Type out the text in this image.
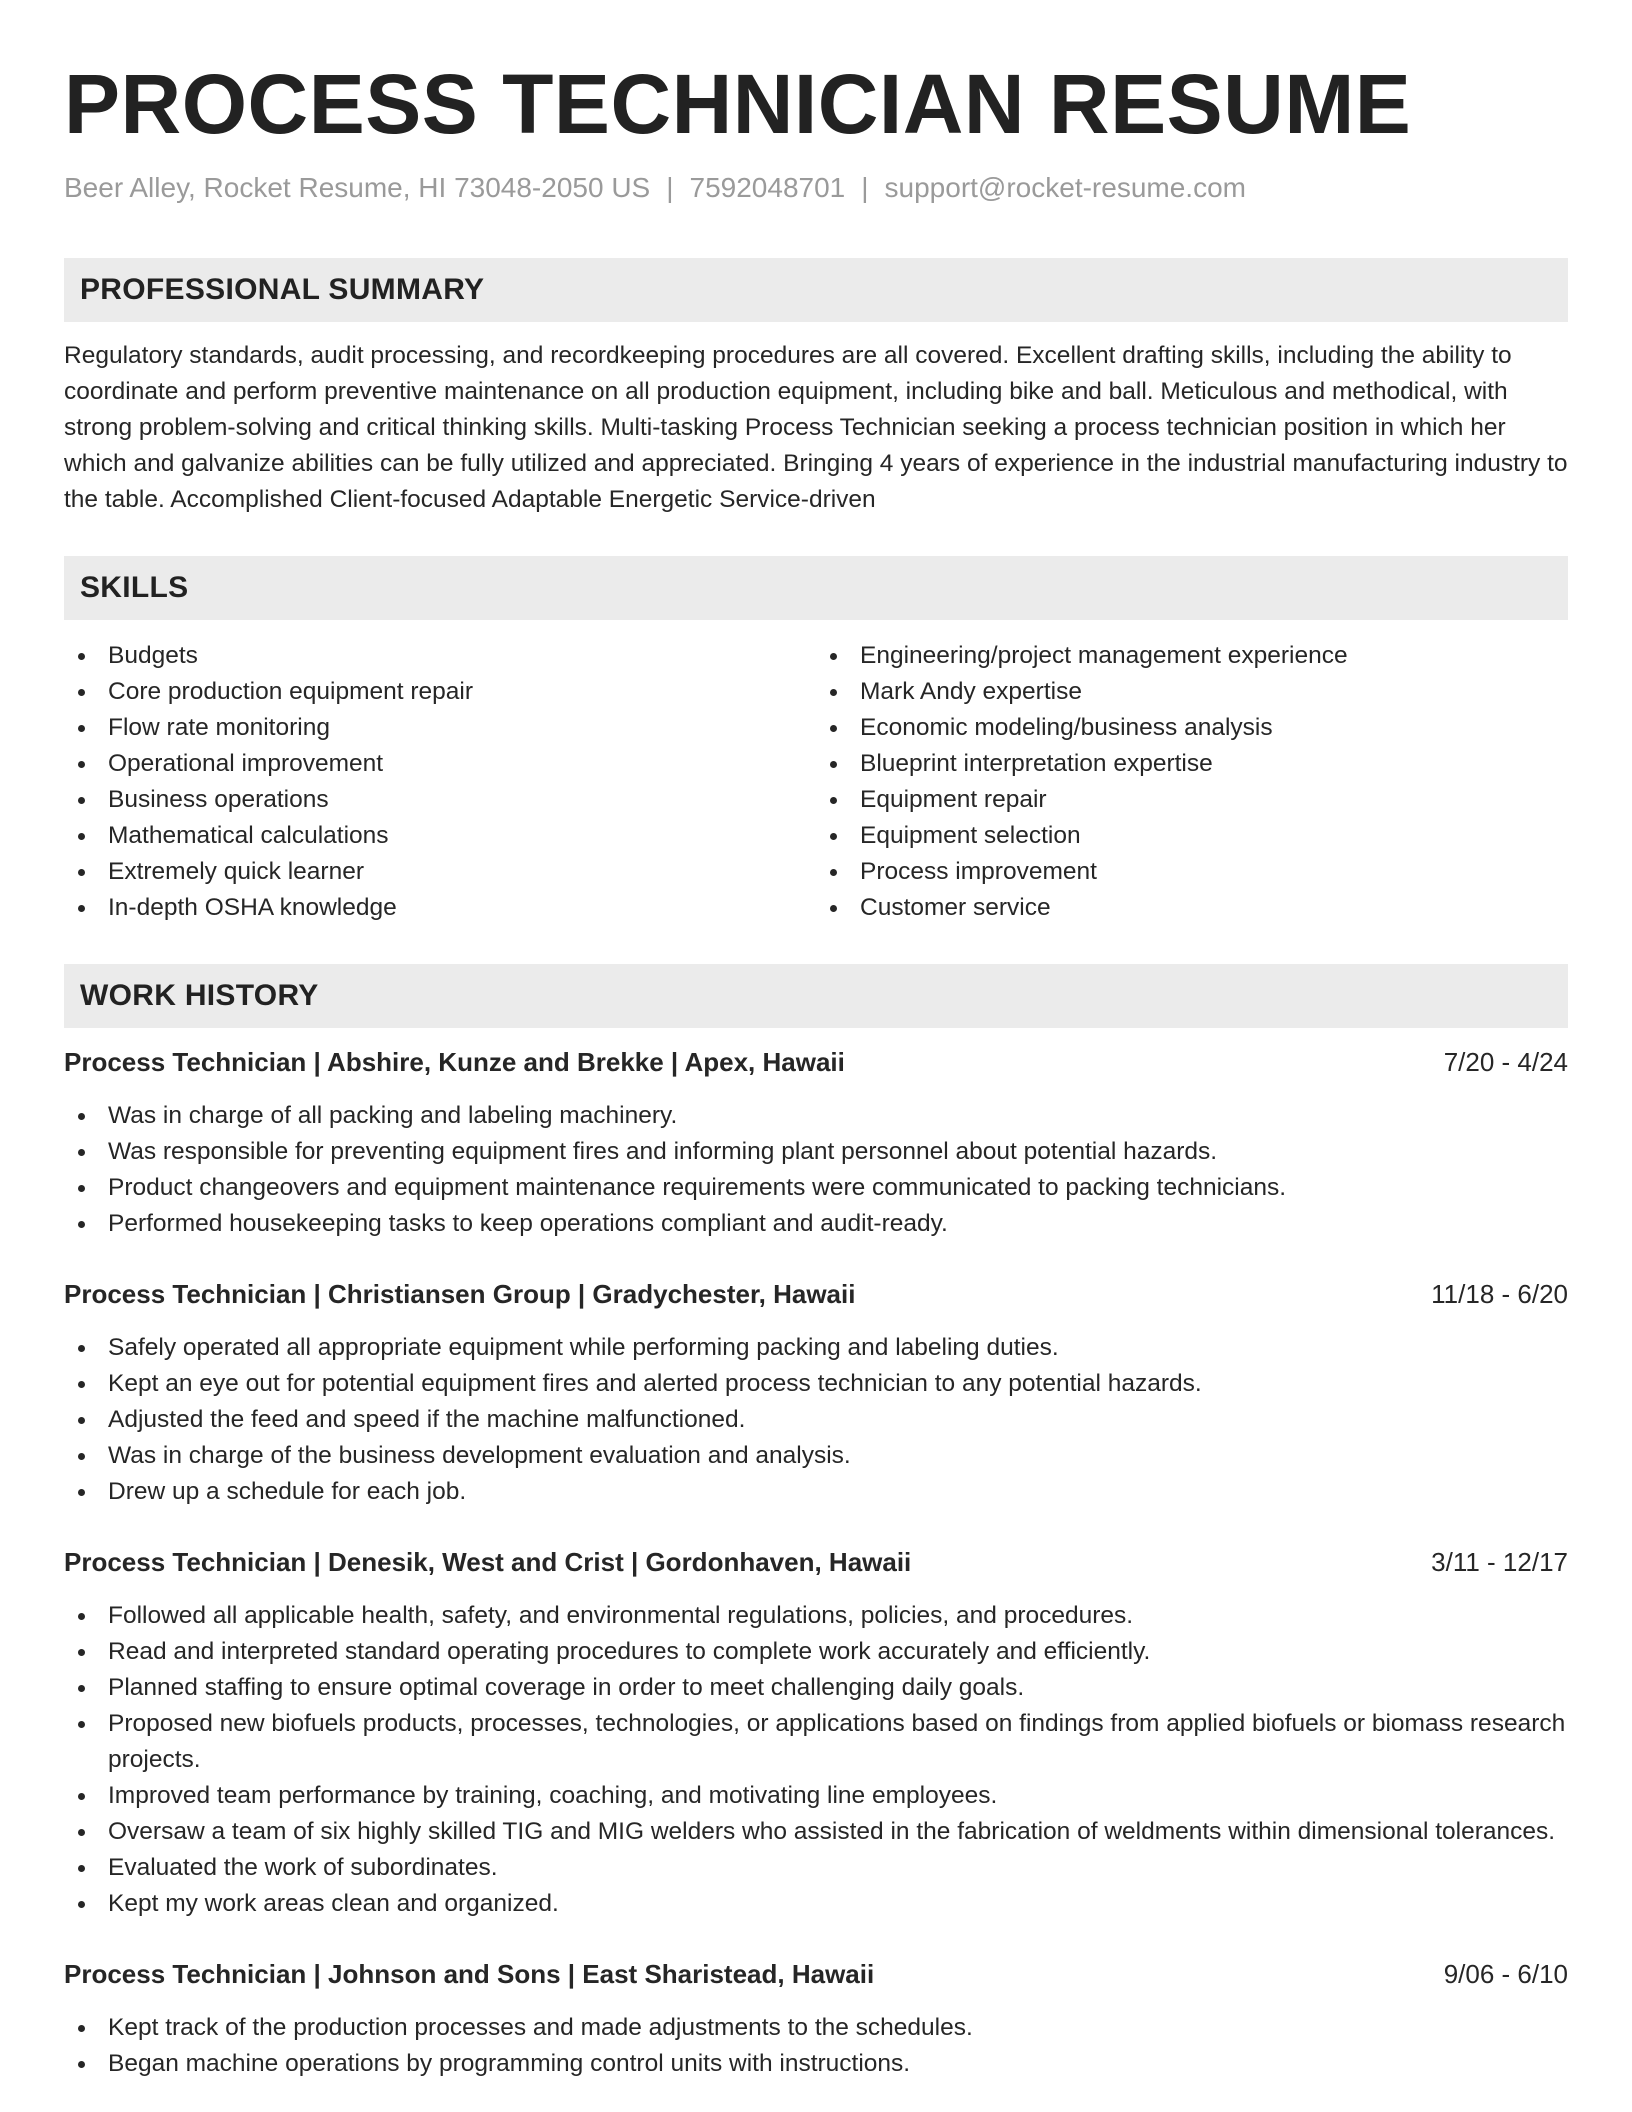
PROCESS TECHNICIAN RESUME
Beer Alley, Rocket Resume, HI 73048-2050 US | 7592048701 | support@rocket-resume.com
PROFESSIONAL SUMMARY

Regulatory standards, audit processing, and recordkeeping procedures are all covered. Excellent drafting skills, including the ability to coordinate and perform preventive maintenance on all production equipment, including bike and ball. Meticulous and methodical, with strong problem-solving and critical thinking skills. Multi-tasking Process Technician seeking a process technician position in which her which and galvanize abilities can be fully utilized and appreciated. Bringing 4 years of experience in the industrial manufacturing industry to the table. Accomplished Client-focused Adaptable Energetic Service-driven

SKILLS
Budgets
Core production equipment repair
Flow rate monitoring
Operational improvement
Business operations
Mathematical calculations
Extremely quick learner
In-depth OSHA knowledge
Engineering/project management experience
Mark Andy expertise
Economic modeling/business analysis
Blueprint interpretation expertise
Equipment repair
Equipment selection
Process improvement
Customer service
WORK HISTORY
Process Technician | Abshire, Kunze and Brekke | Apex, Hawaii	7/20 - 4/24
Was in charge of all packing and labeling machinery.
Was responsible for preventing equipment fires and informing plant personnel about potential hazards.
Product changeovers and equipment maintenance requirements were communicated to packing technicians.
Performed housekeeping tasks to keep operations compliant and audit-ready.
Process Technician | Christiansen Group | Gradychester, Hawaii	11/18 - 6/20
Safely operated all appropriate equipment while performing packing and labeling duties.
Kept an eye out for potential equipment fires and alerted process technician to any potential hazards.
Adjusted the feed and speed if the machine malfunctioned.
Was in charge of the business development evaluation and analysis.
Drew up a schedule for each job.
Process Technician | Denesik, West and Crist | Gordonhaven, Hawaii	3/11 - 12/17
Followed all applicable health, safety, and environmental regulations, policies, and procedures.
Read and interpreted standard operating procedures to complete work accurately and efficiently.
Planned staffing to ensure optimal coverage in order to meet challenging daily goals.
Proposed new biofuels products, processes, technologies, or applications based on findings from applied biofuels or biomass research projects.
Improved team performance by training, coaching, and motivating line employees.
Oversaw a team of six highly skilled TIG and MIG welders who assisted in the fabrication of weldments within dimensional tolerances.
Evaluated the work of subordinates.
Kept my work areas clean and organized.
Process Technician | Johnson and Sons | East Sharistead, Hawaii	9/06 - 6/10
Kept track of the production processes and made adjustments to the schedules.
Began machine operations by programming control units with instructions.
